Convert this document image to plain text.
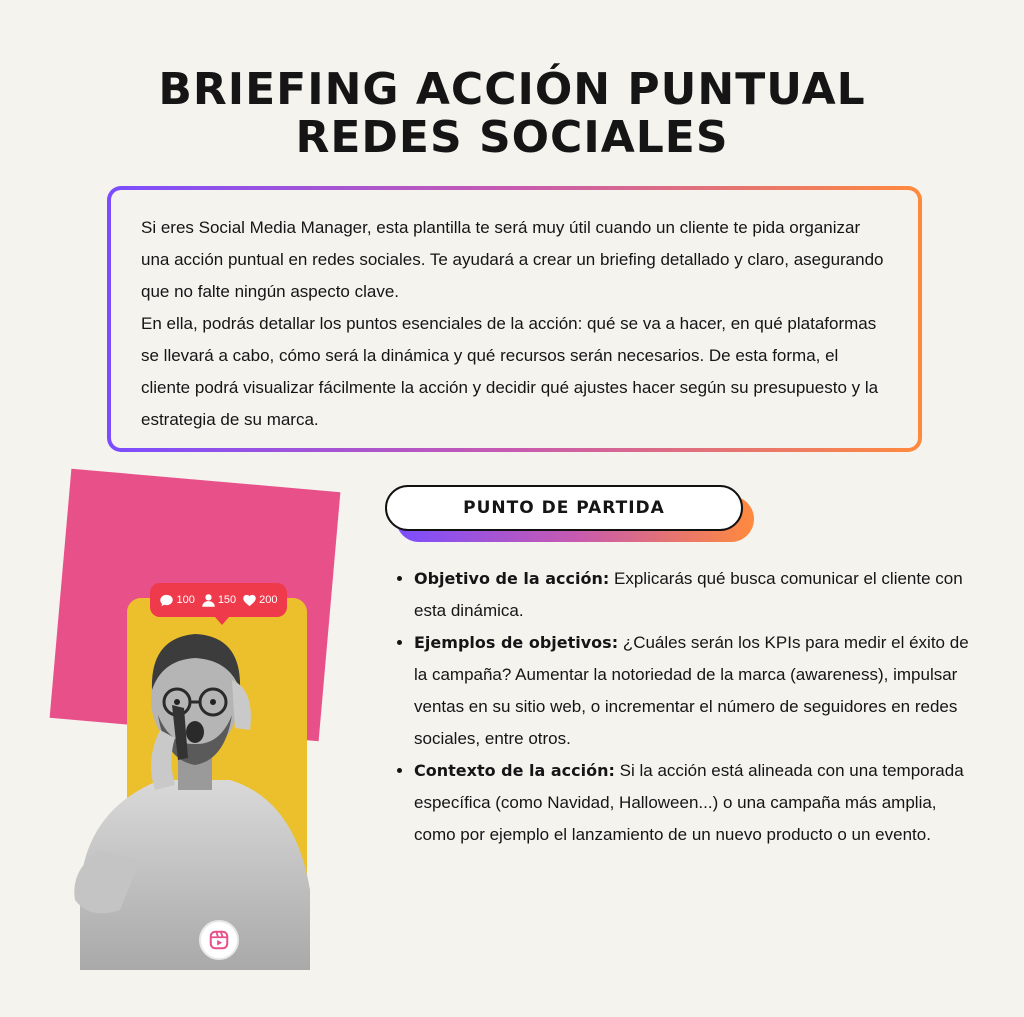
BRIEFING ACCIÓN PUNTUAL
REDES SOCIALES

Si eres Social Media Manager, esta plantilla te será muy útil cuando un cliente te pida organizar una acción puntual en redes sociales. Te ayudará a crear un briefing detallado y claro, asegurando que no falte ningún aspecto clave.

En ella, podrás detallar los puntos esenciales de la acción: qué se va a hacer, en qué plataformas se llevará a cabo, cómo será la dinámica y qué recursos serán necesarios. De esta forma, el cliente podrá visualizar fácilmente la acción y decidir qué ajustes hacer según su presupuesto y la estrategia de su marca.

100 150 200
PUNTO DE PARTIDA
• Objetivo de la acción: Explicarás qué busca comunicar el cliente con esta dinámica.
• Ejemplos de objetivos: ¿Cuáles serán los KPIs para medir el éxito de la campaña? Aumentar la notoriedad de la marca (awareness), impulsar ventas en su sitio web, o incrementar el número de seguidores en redes sociales, entre otros.
• Contexto de la acción: Si la acción está alineada con una temporada específica (como Navidad, Halloween...) o una campaña más amplia, como por ejemplo el lanzamiento de un nuevo producto o un evento.
